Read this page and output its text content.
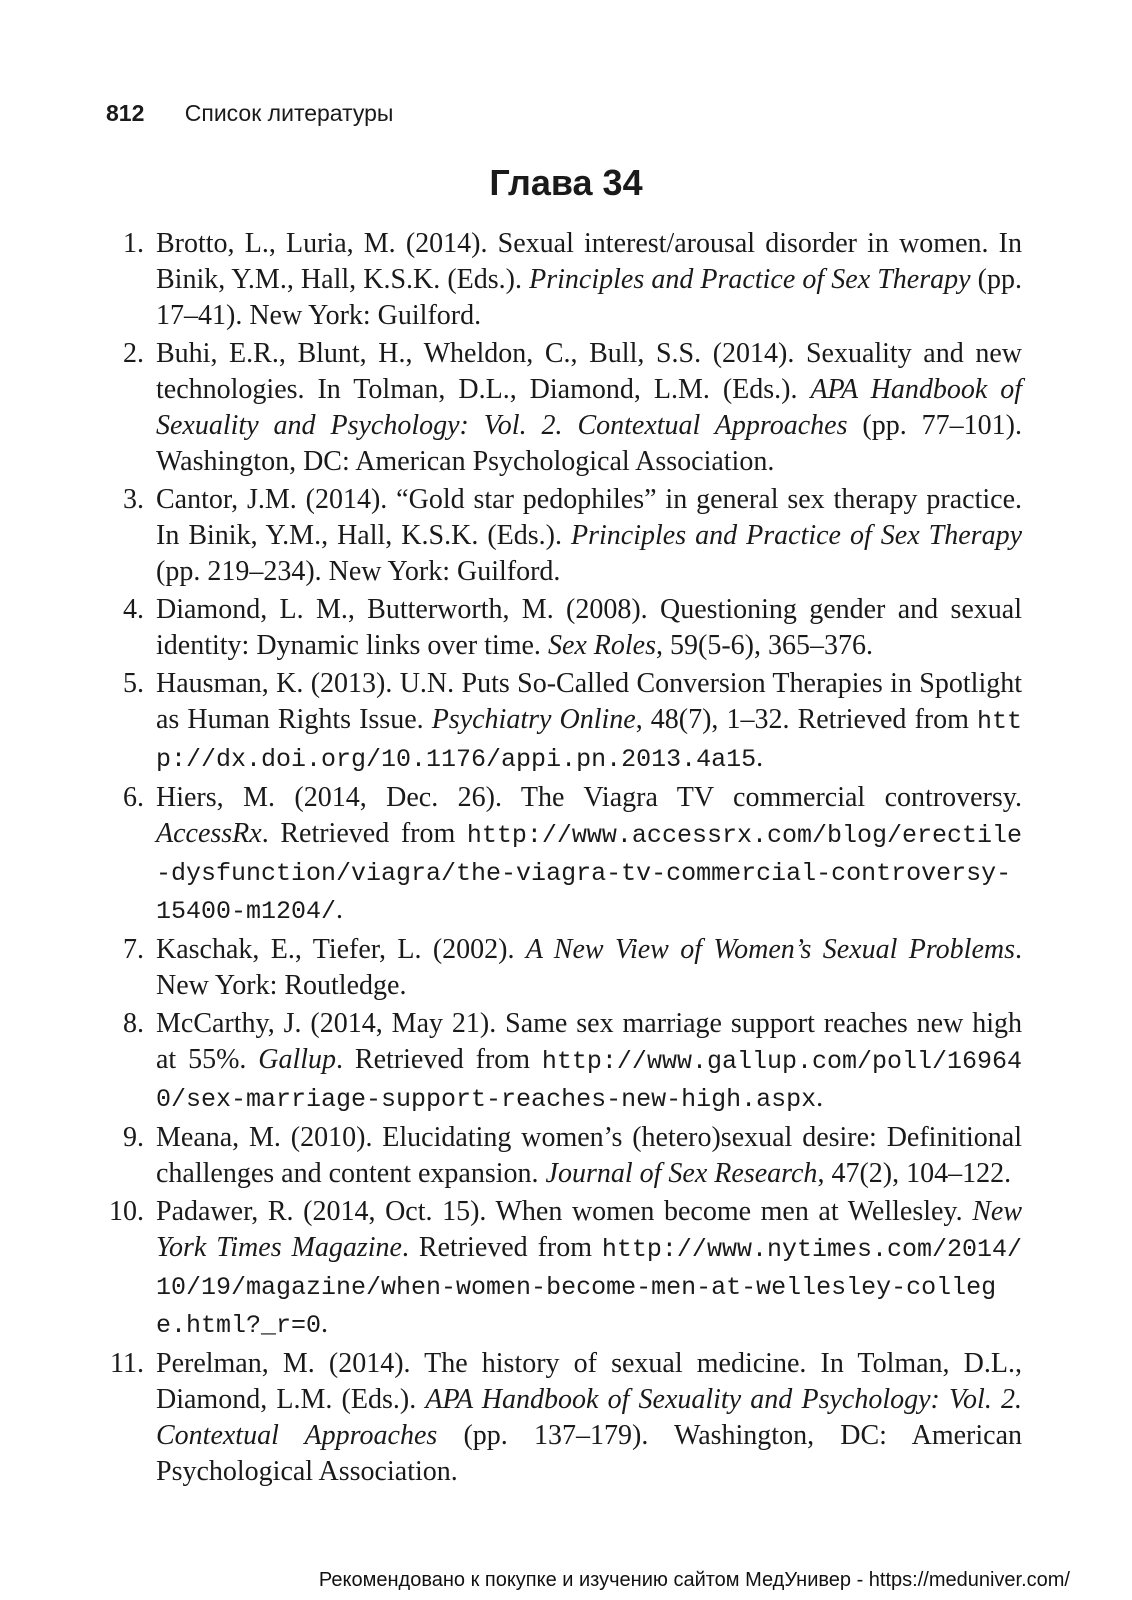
812 Список литературы
Глава 34
1. Brotto, L., Luria, M. (2014). Sexual interest/arousal disorder in women. In Binik, Y.M., Hall, K.S.K. (Eds.). Principles and Practice of Sex Therapy (pp. 17–41). New York: Guilford.
2. Buhi, E.R., Blunt, H., Wheldon, C., Bull, S.S. (2014). Sexuality and new technologies. In Tolman, D.L., Diamond, L.M. (Eds.). APA Handbook of Sexuality and Psychology: Vol. 2. Contextual Approaches (pp. 77–101). Washington, DC: American Psychological Association.
3. Cantor, J.M. (2014). “Gold star pedophiles” in general sex therapy practice. In Binik, Y.M., Hall, K.S.K. (Eds.). Principles and Practice of Sex Therapy (pp. 219–234). New York: Guilford.
4. Diamond, L. M., Butterworth, M. (2008). Questioning gender and sexual identity: Dynamic links over time. Sex Roles, 59(5-6), 365–376.
5. Hausman, K. (2013). U.N. Puts So-Called Conversion Therapies in Spotlight as Human Rights Issue. Psychiatry Online, 48(7), 1–32. Retrieved from http://dx.doi.org/10.1176/appi.pn.2013.4a15.
6. Hiers, M. (2014, Dec. 26). The Viagra TV commercial controversy. AccessRx. Retrieved from http://www.accessrx.com/blog/erectile-dysfunction/viagra/the-viagra-tv-commercial-controversy-15400-m1204/.
7. Kaschak, E., Tiefer, L. (2002). A New View of Women’s Sexual Problems. New York: Routledge.
8. McCarthy, J. (2014, May 21). Same sex marriage support reaches new high at 55%. Gallup. Retrieved from http://www.gallup.com/poll/169640/sex-marriage-support-reaches-new-high.aspx.
9. Meana, M. (2010). Elucidating women’s (hetero)sexual desire: Definitional challenges and content expansion. Journal of Sex Research, 47(2), 104–122.
10. Padawer, R. (2014, Oct. 15). When women become men at Wellesley. New York Times Magazine. Retrieved from http://www.nytimes.com/2014/10/19/magazine/when-women-become-men-at-wellesley-college.html?_r=0.
11. Perelman, M. (2014). The history of sexual medicine. In Tolman, D.L., Diamond, L.M. (Eds.). APA Handbook of Sexuality and Psychology: Vol. 2. Contextual Approaches (pp. 137–179). Washington, DC: American Psychological Association.
Рекомендовано к покупке и изучению сайтом МедУнивер - https://meduniver.com/
